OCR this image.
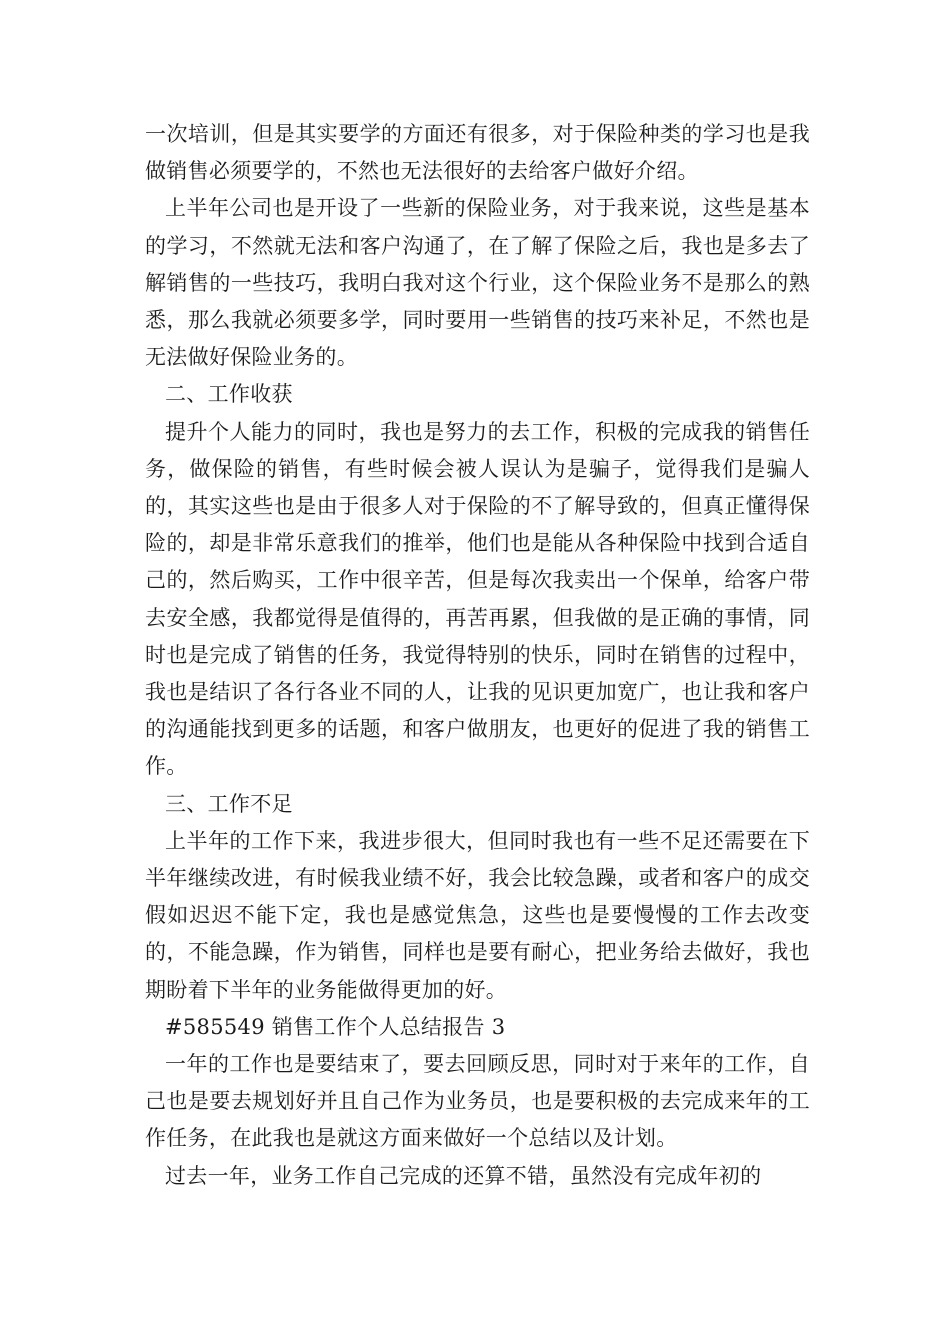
一次培训，但是其实要学的方面还有很多，对于保险种类的学习也是我做销售必须要学的，不然也无法很好的去给客户做好介绍。

上半年公司也是开设了一些新的保险业务，对于我来说，这些是基本的学习，不然就无法和客户沟通了，在了解了保险之后，我也是多去了解销售的一些技巧，我明白我对这个行业，这个保险业务不是那么的熟悉，那么我就必须要多学，同时要用一些销售的技巧来补足，不然也是无法做好保险业务的。

二、工作收获

提升个人能力的同时，我也是努力的去工作，积极的完成我的销售任务，做保险的销售，有些时候会被人误认为是骗子，觉得我们是骗人的，其实这些也是由于很多人对于保险的不了解导致的，但真正懂得保险的，却是非常乐意我们的推举，他们也是能从各种保险中找到合适自己的，然后购买，工作中很辛苦，但是每次我卖出一个保单，给客户带去安全感，我都觉得是值得的，再苦再累，但我做的是正确的事情，同时也是完成了销售的任务，我觉得特别的快乐，同时在销售的过程中，我也是结识了各行各业不同的人，让我的见识更加宽广，也让我和客户的沟通能找到更多的话题，和客户做朋友，也更好的促进了我的销售工作。

三、工作不足

上半年的工作下来，我进步很大，但同时我也有一些不足还需要在下半年继续改进，有时候我业绩不好，我会比较急躁，或者和客户的成交假如迟迟不能下定，我也是感觉焦急，这些也是要慢慢的工作去改变的，不能急躁，作为销售，同样也是要有耐心，把业务给去做好，我也期盼着下半年的业务能做得更加的好。

#585549 销售工作个人总结报告 3

一年的工作也是要结束了，要去回顾反思，同时对于来年的工作，自己也是要去规划好并且自己作为业务员，也是要积极的去完成来年的工作任务，在此我也是就这方面来做好一个总结以及计划。

过去一年，业务工作自己完成的还算不错，虽然没有完成年初的
